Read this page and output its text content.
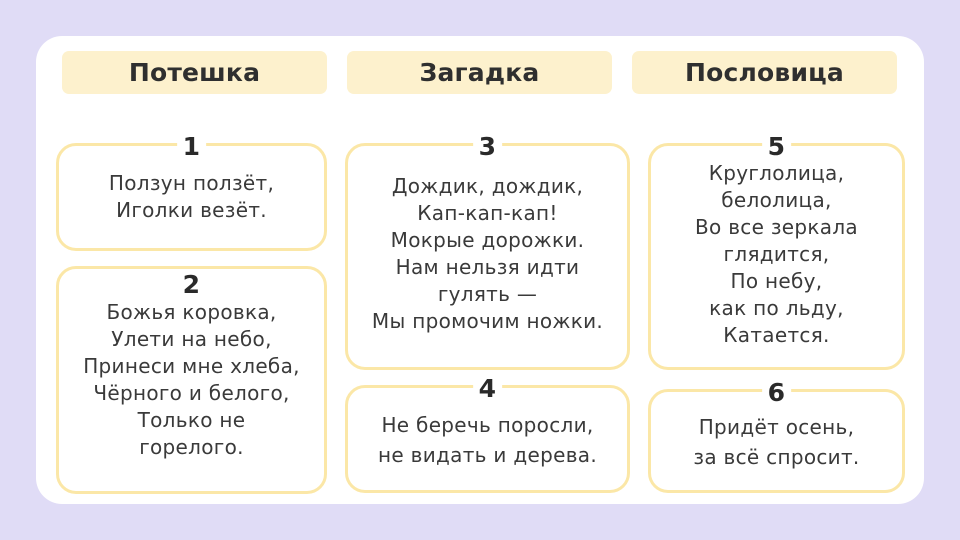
Потешка	Загадка	Пословица
1
Ползун ползёт,
Иголки везёт.
2
Божья коровка,
Улети на небо,
Принеси мне хлеба,
Чёрного и белого,
Только не
горелого.
3
Дождик, дождик,
Кап-кап-кап!
Мокрые дорожки.
Нам нельзя идти
гулять —
Мы промочим ножки.
4
Не беречь поросли,
не видать и дерева.
5
Круглолица,
белолица,
Во все зеркала
глядится,
По небу,
как по льду,
Катается.
6
Придёт осень,
за всё спросит.
